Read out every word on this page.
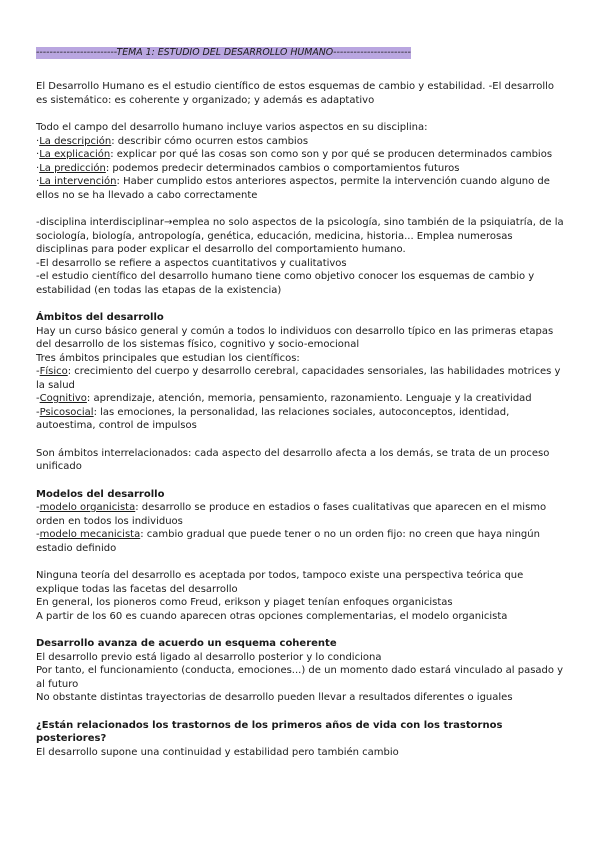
------------------------TEMA 1: ESTUDIO DEL DESARROLLO HUMANO-----------------------

El Desarrollo Humano es el estudio científico de estos esquemas de cambio y estabilidad. -El desarrollo es sistemático: es coherente y organizado; y además es adaptativo

Todo el campo del desarrollo humano incluye varios aspectos en su disciplina:

·La descripción: describir cómo ocurren estos cambios

·La explicación: explicar por qué las cosas son como son y por qué se producen determinados cambios

·La predicción: podemos predecir determinados cambios o comportamientos futuros

·La intervención: Haber cumplido estos anteriores aspectos, permite la intervención cuando alguno de ellos no se ha llevado a cabo correctamente

-disciplina interdisciplinar→emplea no solo aspectos de la psicología, sino también de la psiquiatría, de la sociología, biología, antropología, genética, educación, medicina, historia... Emplea numerosas disciplinas para poder explicar el desarrollo del comportamiento humano.

-El desarrollo se refiere a aspectos cuantitativos y cualitativos

-el estudio científico del desarrollo humano tiene como objetivo conocer los esquemas de cambio y estabilidad (en todas las etapas de la existencia)

Ámbitos del desarrollo

Hay un curso básico general y común a todos lo individuos con desarrollo típico en las primeras etapas del desarrollo de los sistemas físico, cognitivo y socio-emocional

Tres ámbitos principales que estudian los científicos:

-Físico: crecimiento del cuerpo y desarrollo cerebral, capacidades sensoriales, las habilidades motrices y la salud

-Cognitivo: aprendizaje, atención, memoria, pensamiento, razonamiento. Lenguaje y la creatividad

-Psicosocial: las emociones, la personalidad, las relaciones sociales, autoconceptos, identidad, autoestima, control de impulsos

Son ámbitos interrelacionados: cada aspecto del desarrollo afecta a los demás, se trata de un proceso unificado

Modelos del desarrollo

-modelo organicista: desarrollo se produce en estadios o fases cualitativas que aparecen en el mismo orden en todos los individuos

-modelo mecanicista: cambio gradual que puede tener o no un orden fijo: no creen que haya ningún estadio definido

Ninguna teoría del desarrollo es aceptada por todos, tampoco existe una perspectiva teórica que explique todas las facetas del desarrollo

En general, los pioneros como Freud, erikson y piaget tenían enfoques organicistas

A partir de los 60 es cuando aparecen otras opciones complementarias, el modelo organicista

Desarrollo avanza de acuerdo un esquema coherente

El desarrollo previo está ligado al desarrollo posterior y lo condiciona

Por tanto, el funcionamiento (conducta, emociones...) de un momento dado estará vinculado al pasado y al futuro

No obstante distintas trayectorias de desarrollo pueden llevar a resultados diferentes o iguales

¿Están relacionados los trastornos de los primeros años de vida con los trastornos posteriores?

El desarrollo supone una continuidad y estabilidad pero también cambio
